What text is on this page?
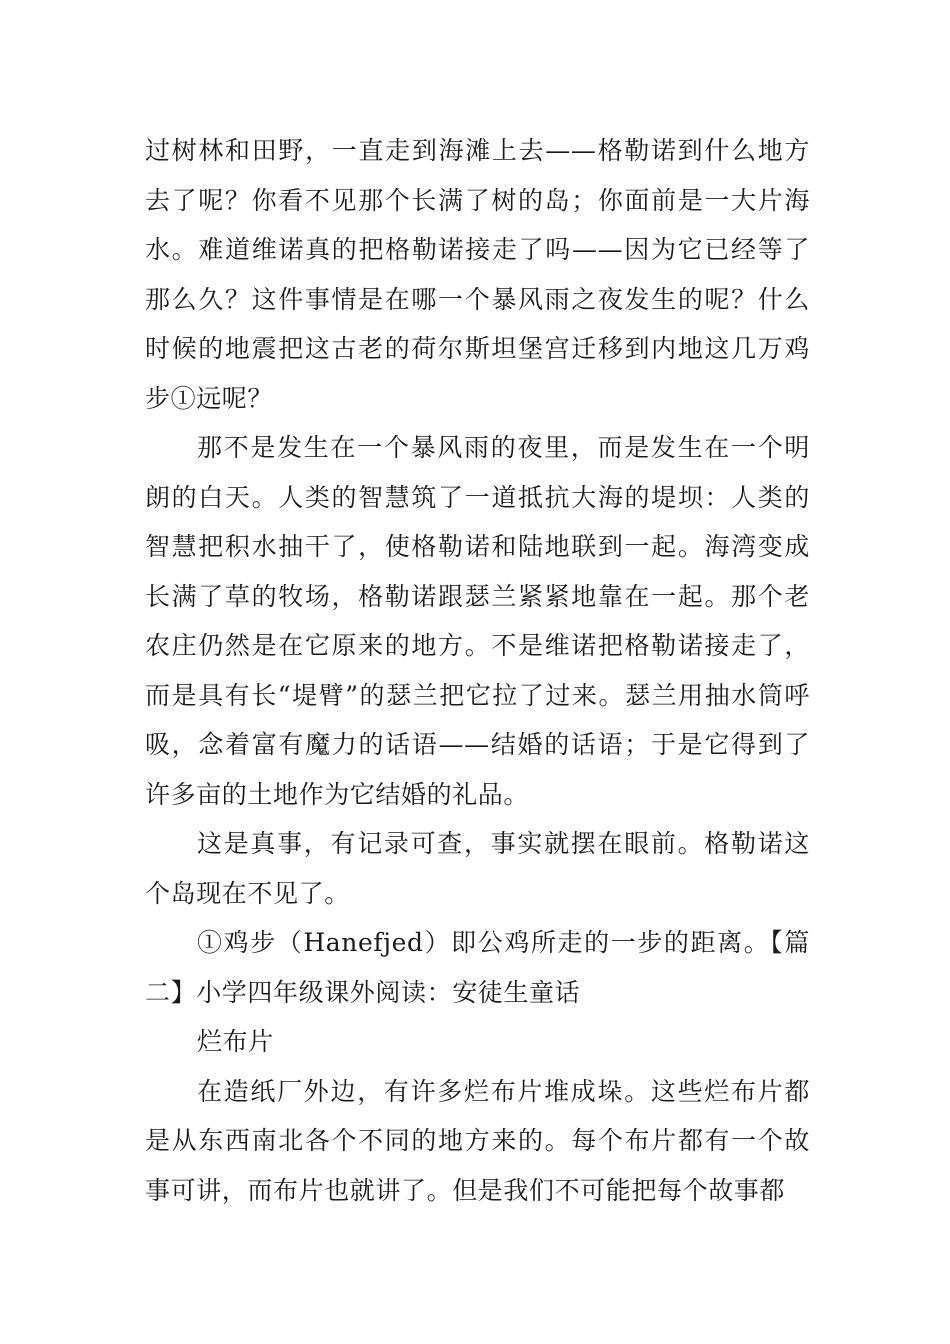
过树林和田野，一直走到海滩上去——格勒诺到什么地方去了呢？你看不见那个长满了树的岛；你面前是一大片海水。难道维诺真的把格勒诺接走了吗——因为它已经等了那么久？这件事情是在哪一个暴风雨之夜发生的呢？什么时候的地震把这古老的荷尔斯坦堡宫迁移到内地这几万鸡步①远呢？

那不是发生在一个暴风雨的夜里，而是发生在一个明朗的白天。人类的智慧筑了一道抵抗大海的堤坝：人类的智慧把积水抽干了，使格勒诺和陆地联到一起。海湾变成长满了草的牧场，格勒诺跟瑟兰紧紧地靠在一起。那个老农庄仍然是在它原来的地方。不是维诺把格勒诺接走了，而是具有长“堤臂”的瑟兰把它拉了过来。瑟兰用抽水筒呼吸，念着富有魔力的话语——结婚的话语；于是它得到了许多亩的土地作为它结婚的礼品。

这是真事，有记录可查，事实就摆在眼前。格勒诺这个岛现在不见了。

①鸡步（Hanefjed）即公鸡所走的一步的距离。【篇二】小学四年级课外阅读：安徒生童话

烂布片

在造纸厂外边，有许多烂布片堆成垛。这些烂布片都是从东西南北各个不同的地方来的。每个布片都有一个故事可讲，而布片也就讲了。但是我们不可能把每个故事都
